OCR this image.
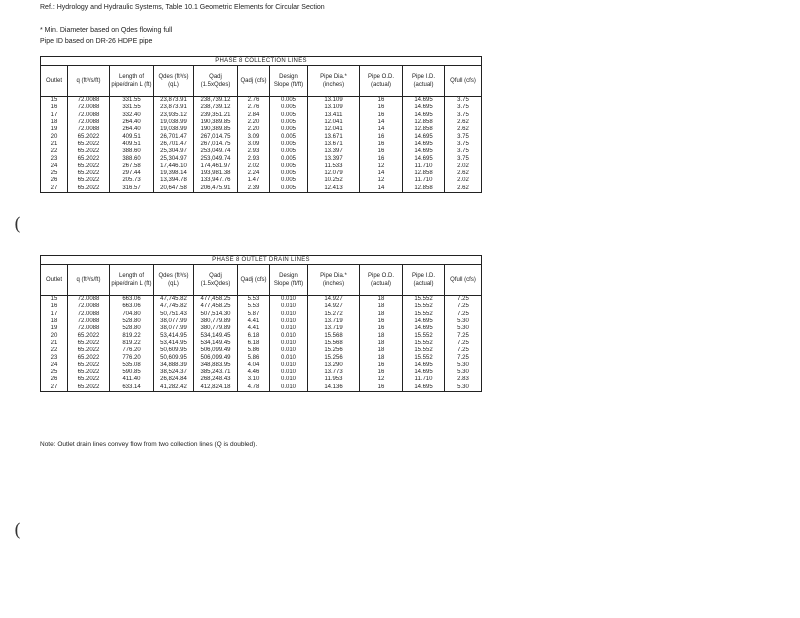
Ref.: Hydrology and Hydraulic Systems, Table 10.1 Geometric Elements for Circular Section
* Min. Diameter based on Qdes flowing full
Pipe ID based on DR-26 HDPE pipe
PHASE 8 COLLECTION LINES										
Outlet	q (ft³/s/ft)	Length of pipe/drain L (ft)	Qdes (ft³/s) (qL)	Qadj (1.5xQdes)	Qadj (cfs)	Design Slope (ft/ft)	Pipe Dia.* (inches)	Pipe O.D. (actual)	Pipe I.D. (actual)	Qfull (cfs)
15	72.0088	331.55	23,873.91	238,739.12	2.76	0.005	13.109	16	14.695	3.75
16	72.0088	331.55	23,873.91	238,739.12	2.76	0.005	13.109	16	14.695	3.75
17	72.0088	332.40	23,935.12	239,351.21	2.84	0.005	13.411	16	14.695	3.75
18	72.0088	264.40	19,038.99	190,389.85	2.20	0.005	12.041	14	12.858	2.62
19	72.0088	264.40	19,038.99	190,389.85	2.20	0.005	12.041	14	12.858	2.62
20	65.2022	409.51	26,701.47	267,014.75	3.09	0.005	13.671	16	14.695	3.75
21	65.2022	409.51	26,701.47	267,014.75	3.09	0.005	13.671	16	14.695	3.75
22	65.2022	388.60	25,304.97	253,049.74	2.93	0.005	13.397	16	14.695	3.75
23	65.2022	388.60	25,304.97	253,049.74	2.93	0.005	13.397	16	14.695	3.75
24	65.2022	267.58	17,446.10	174,461.97	2.02	0.005	11.533	12	11.710	2.02
25	65.2022	297.44	19,398.14	193,981.38	2.24	0.005	12.079	14	12.858	2.62
26	65.2022	205.73	13,394.78	133,947.76	1.47	0.005	10.252	12	11.710	2.02
27	65.2022	316.57	20,647.58	206,475.91	2.39	0.005	12.413	14	12.858	2.62
PHASE 8 OUTLET DRAIN LINES										
Outlet	q (ft³/s/ft)	Length of pipe/drain L (ft)	Qdes (ft³/s) (qL)	Qadj (1.5xQdes)	Qadj (cfs)	Design Slope (ft/ft)	Pipe Dia.* (inches)	Pipe O.D. (actual)	Pipe I.D. (actual)	Qfull (cfs)
15	72.0088	663.06	47,745.82	477,458.25	5.53	0.010	14.927	18	15.552	7.25
16	72.0088	663.06	47,745.82	477,458.25	5.53	0.010	14.927	18	15.552	7.25
17	72.0088	704.80	50,751.43	507,514.30	5.87	0.010	15.272	18	15.552	7.25
18	72.0088	528.80	38,077.99	380,779.89	4.41	0.010	13.719	16	14.695	5.30
19	72.0088	528.80	38,077.99	380,779.89	4.41	0.010	13.719	16	14.695	5.30
20	65.2022	819.22	53,414.95	534,149.45	6.18	0.010	15.568	18	15.552	7.25
21	65.2022	819.22	53,414.95	534,149.45	6.18	0.010	15.568	18	15.552	7.25
22	65.2022	776.20	50,609.95	506,099.49	5.86	0.010	15.256	18	15.552	7.25
23	65.2022	776.20	50,609.95	506,099.49	5.86	0.010	15.256	18	15.552	7.25
24	65.2022	535.08	34,888.39	348,883.95	4.04	0.010	13.290	16	14.695	5.30
25	65.2022	590.85	38,524.37	385,243.71	4.46	0.010	13.773	16	14.695	5.30
26	65.2022	411.40	26,824.84	268,248.43	3.10	0.010	11.953	12	11.710	2.83
27	65.2022	633.14	41,282.42	412,824.18	4.78	0.010	14.136	16	14.695	5.30
Note: Outlet drain lines convey flow from two collection lines (Q is doubled).
(
(
